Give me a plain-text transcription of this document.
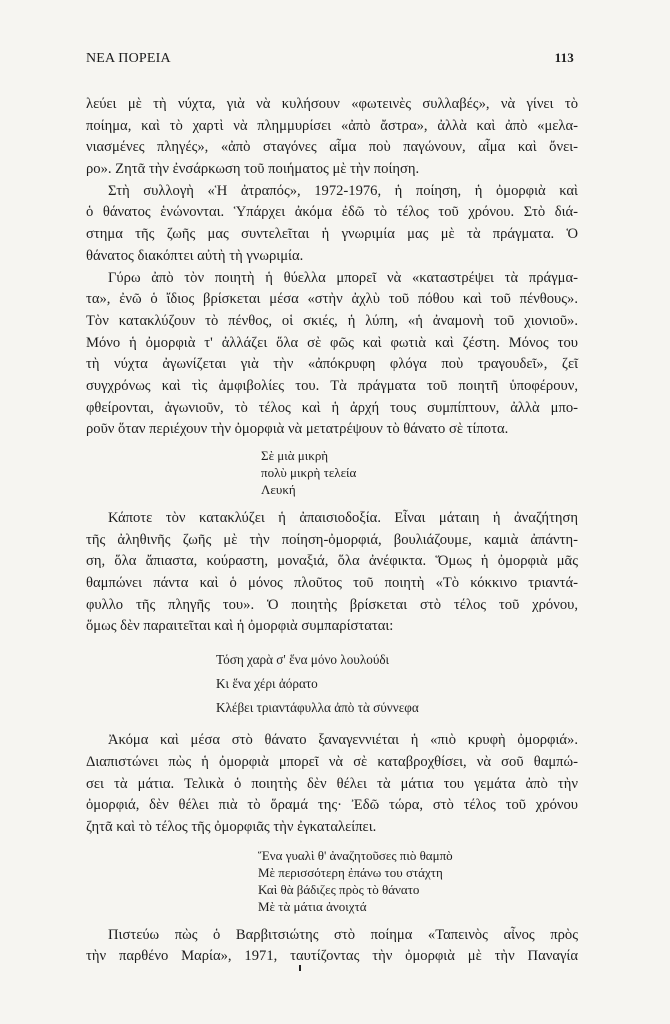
ΝΕΑ ΠΟΡΕΙΑ	113
λεύει μὲ τὴ νύχτα, γιὰ νὰ κυλήσουν «φωτεινὲς συλλαβές», νὰ γίνει τὸ
ποίημα, καὶ τὸ χαρτὶ νὰ πλημμυρίσει «ἀπὸ ἄστρα», ἀλλὰ καὶ ἀπὸ «μελα-
νιασμένες πληγές», «ἀπὸ σταγόνες αἷμα ποὺ παγώνουν, αἷμα καὶ ὄνει-
ρο». Ζητᾶ τὴν ἐνσάρκωση τοῦ ποιήματος μὲ τὴν ποίηση.
Στὴ συλλογὴ «Ἡ ἀτραπός», 1972-1976, ἡ ποίηση, ἡ ὀμορφιὰ καὶ
ὁ θάνατος ἑνώνονται. Ὑπάρχει ἀκόμα ἐδῶ τὸ τέλος τοῦ χρόνου. Στὸ διά-
στημα τῆς ζωῆς μας συντελεῖται ἡ γνωριμία μας μὲ τὰ πράγματα. Ὁ
θάνατος διακόπτει αὐτὴ τὴ γνωριμία.
Γύρω ἀπὸ τὸν ποιητὴ ἡ θύελλα μπορεῖ νὰ «καταστρέψει τὰ πράγμα-
τα», ἐνῶ ὁ ἴδιος βρίσκεται μέσα «στὴν ἀχλὺ τοῦ πόθου καὶ τοῦ πένθους».
Τὸν κατακλύζουν τὸ πένθος, οἱ σκιές, ἡ λύπη, «ἡ ἀναμονὴ τοῦ χιονιοῦ».
Μόνο ἡ ὀμορφιὰ τ' ἀλλάζει ὅλα σὲ φῶς καὶ φωτιὰ καὶ ζέστη. Μόνος του
τὴ νύχτα ἀγωνίζεται γιὰ τὴν «ἀπόκρυφη φλόγα ποὺ τραγουδεῖ», ζεῖ
συγχρόνως καὶ τὶς ἀμφιβολίες του. Τὰ πράγματα τοῦ ποιητῆ ὑποφέρουν,
φθείρονται, ἀγωνιοῦν, τὸ τέλος καὶ ἡ ἀρχή τους συμπίπτουν, ἀλλὰ μπο-
ροῦν ὅταν περιέχουν τὴν ὀμορφιὰ νὰ μετατρέψουν τὸ θάνατο σὲ τίποτα.
Σὲ μιὰ μικρὴ
πολὺ μικρὴ τελεία
Λευκή
Κάποτε τὸν κατακλύζει ἡ ἀπαισιοδοξία. Εἶναι μάταιη ἡ ἀναζήτηση
τῆς ἀληθινῆς ζωῆς μὲ τὴν ποίηση-ὀμορφιά, βουλιάζουμε, καμιὰ ἀπάντη-
ση, ὅλα ἄπιαστα, κούραστη, μοναξιά, ὅλα ἀνέφικτα. Ὅμως ἡ ὀμορφιὰ μᾶς
θαμπώνει πάντα καὶ ὁ μόνος πλοῦτος τοῦ ποιητὴ «Τὸ κόκκινο τριαντά-
φυλλο τῆς πληγῆς του». Ὁ ποιητὴς βρίσκεται στὸ τέλος τοῦ χρόνου,
ὅμως δὲν παραιτεῖται καὶ ἡ ὀμορφιὰ συμπαρίσταται:
Τόση χαρὰ σ' ἕνα μόνο λουλούδι
Κι ἕνα χέρι ἀόρατο
Κλέβει τριαντάφυλλα ἀπὸ τὰ σύννεφα
Ἀκόμα καὶ μέσα στὸ θάνατο ξαναγεννιέται ἡ «πιὸ κρυφὴ ὀμορφιά».
Διαπιστώνει πὼς ἡ ὀμορφιὰ μπορεῖ νὰ σὲ καταβροχθίσει, νὰ σοῦ θαμπώ-
σει τὰ μάτια. Τελικὰ ὁ ποιητὴς δὲν θέλει τὰ μάτια του γεμάτα ἀπὸ τὴν
ὀμορφιά, δὲν θέλει πιὰ τὸ ὅραμά της· Ἐδῶ τώρα, στὸ τέλος τοῦ χρόνου
ζητᾶ καὶ τὸ τέλος τῆς ὀμορφιᾶς τὴν ἐγκαταλείπει.
Ἕνα γυαλὶ θ' ἀναζητοῦσες πιὸ θαμπὸ
Μὲ περισσότερη ἐπάνω του στάχτη
Καὶ θὰ βάδιζες πρὸς τὸ θάνατο
Μὲ τὰ μάτια ἀνοιχτά
Πιστεύω πὼς ὁ Βαρβιτσιώτης στὸ ποίημα «Ταπεινὸς αἶνος πρὸς
τὴν παρθένο Μαρία», 1971, ταυτίζοντας τὴν ὀμορφιὰ μὲ τὴν Παναγία
